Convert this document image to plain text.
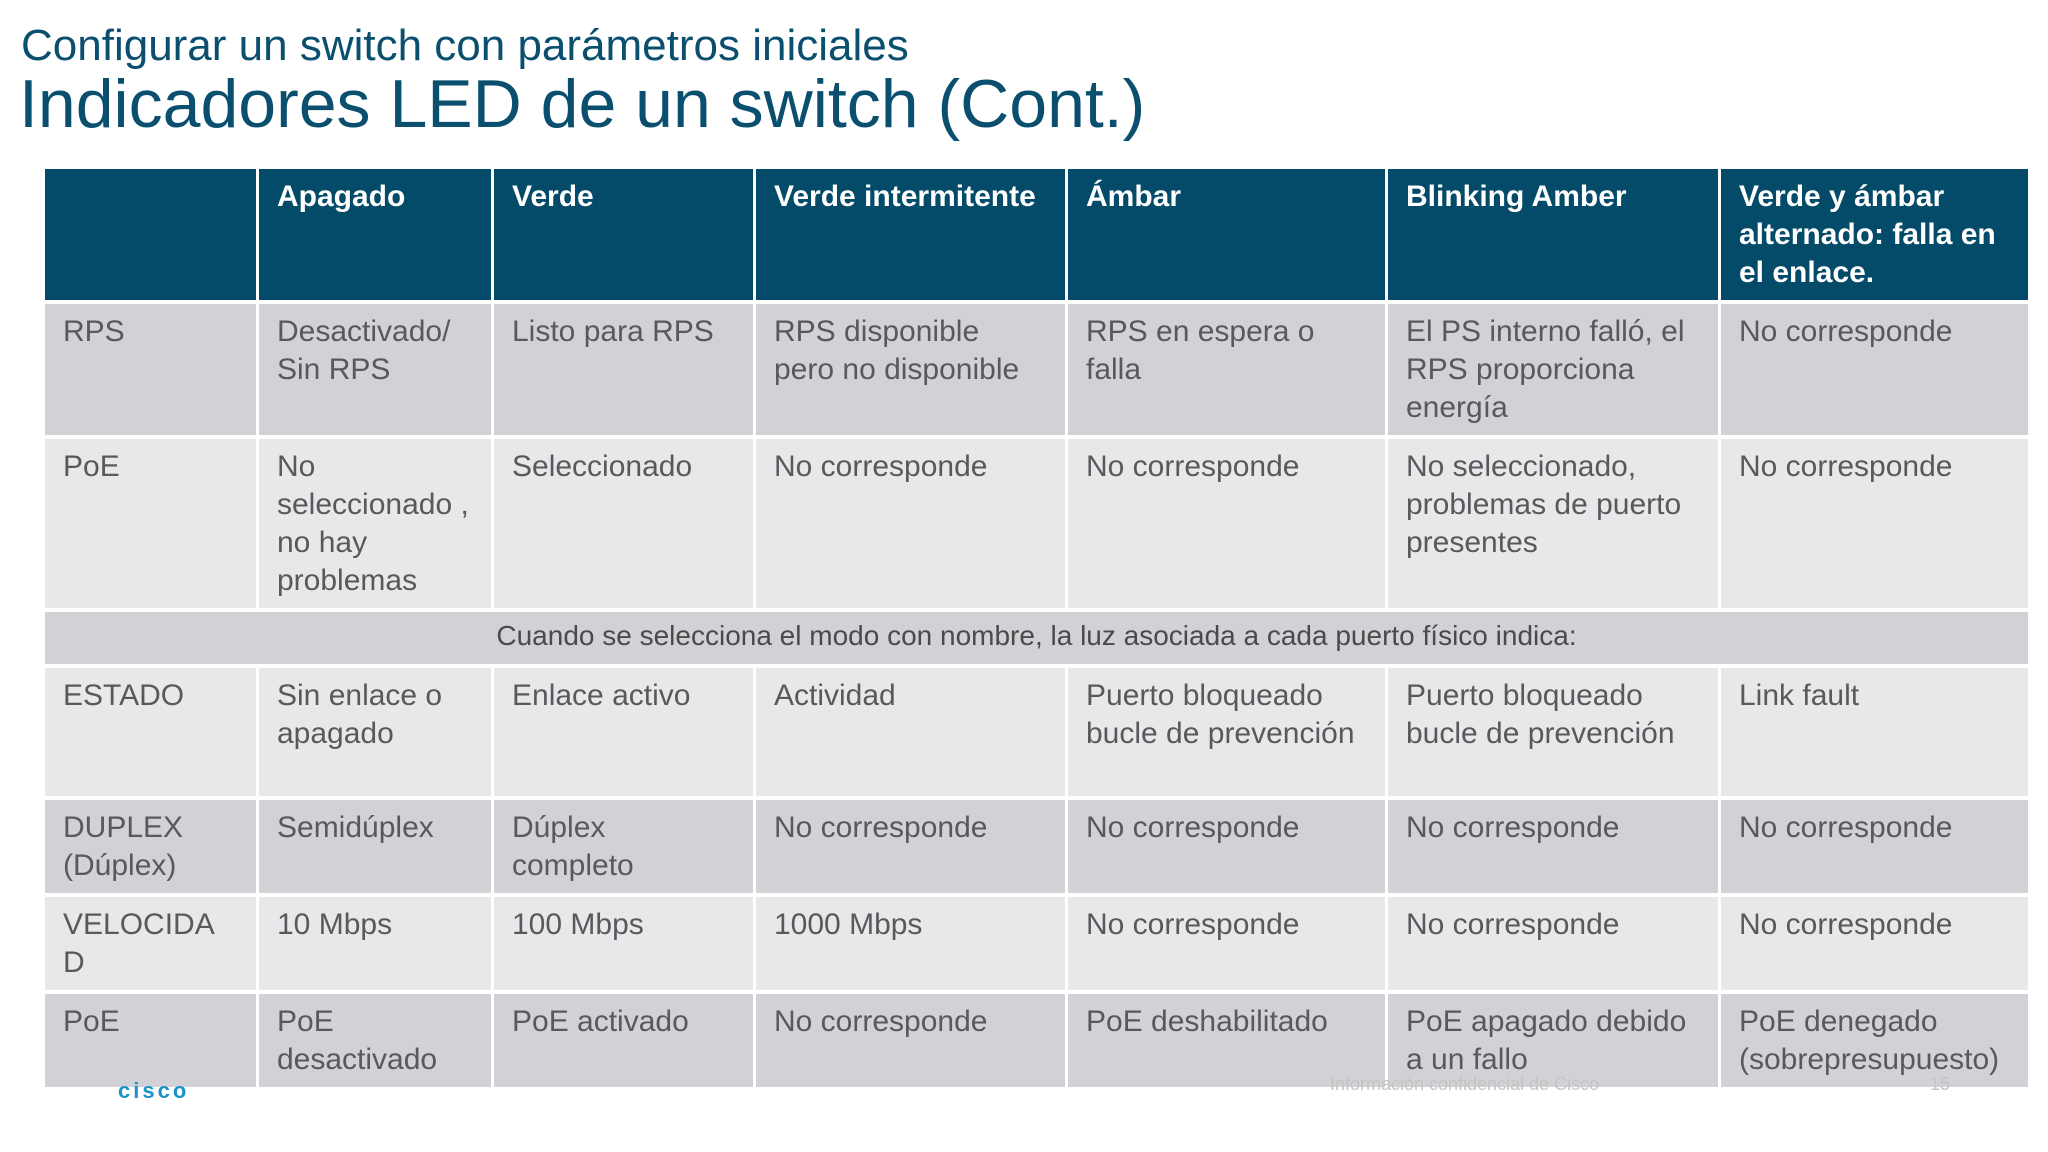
Configurar un switch con parámetros iniciales
Indicadores LED de un switch (Cont.)
	Apagado	Verde	Verde intermitente	Ámbar	Blinking Amber	Verde y ámbar alternado: falla en el enlace.
RPS	Desactivado/ Sin RPS	Listo para RPS	RPS disponible pero no disponible	RPS en espera o falla	El PS interno falló, el RPS proporciona energía	No corresponde
PoE	No seleccionado , no hay problemas	Seleccionado	No corresponde	No corresponde	No seleccionado, problemas de puerto presentes	No corresponde
Cuando se selecciona el modo con nombre, la luz asociada a cada puerto físico indica:						
ESTADO	Sin enlace o apagado	Enlace activo	Actividad	Puerto bloqueado bucle de prevención	Puerto bloqueado bucle de prevención	Link fault
DUPLEX (Dúplex)	Semidúplex	Dúplex completo	No corresponde	No corresponde	No corresponde	No corresponde
VELOCIDA D	10 Mbps	100 Mbps	1000 Mbps	No corresponde	No corresponde	No corresponde
PoE	PoE desactivado	PoE activado	No corresponde	PoE deshabilitado	PoE apagado debido a un fallo	PoE denegado (sobrepresupuesto)
cisco	Información confidencial de Cisco	15
